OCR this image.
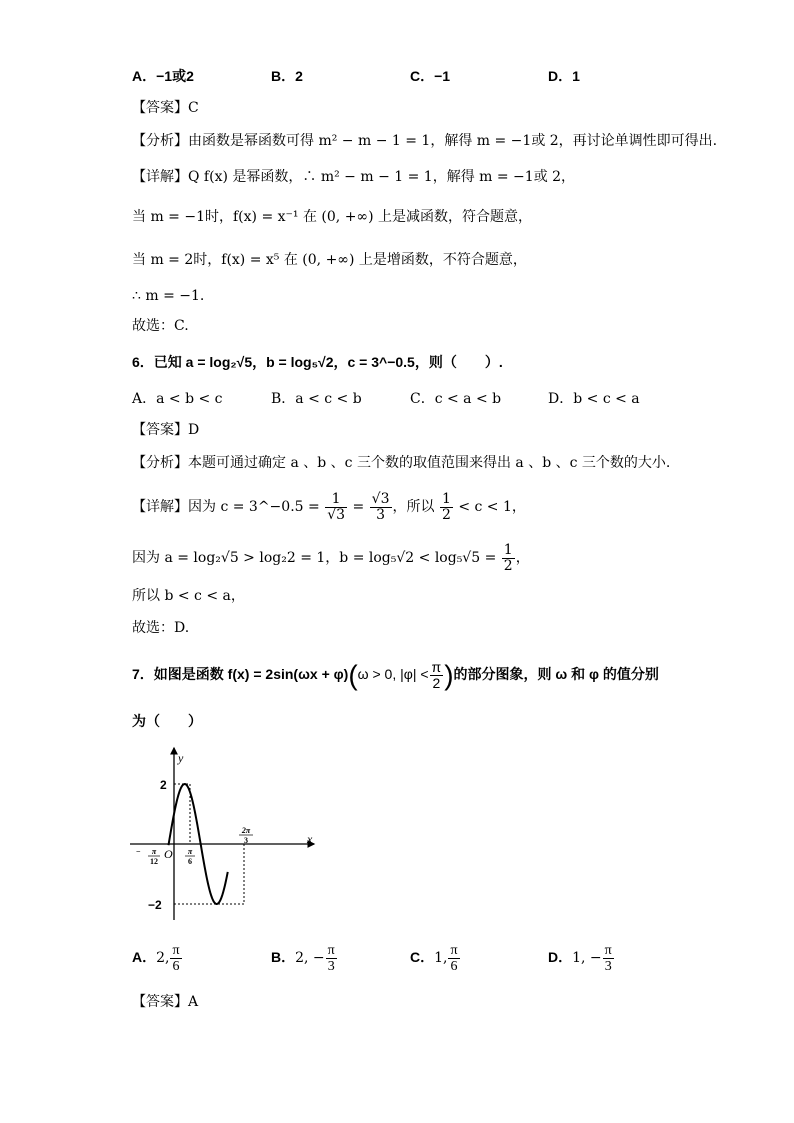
A．−1或2	B．2	C．−1	D．1
【答案】C
【分析】由函数是幂函数可得 m² − m − 1 = 1，解得 m = −1或 2，再讨论单调性即可得出.
【详解】Q f(x) 是幂函数，∴ m² − m − 1 = 1，解得 m = −1或 2，
当 m = −1时，f(x) = x⁻¹ 在 (0, +∞) 上是减函数，符合题意，
当 m = 2时，f(x) = x⁵ 在 (0, +∞) 上是增函数，不符合题意，
∴ m = −1.
故选：C.
6．已知 a = log₂√5，b = log₅√2，c = 3^−0.5，则（　　）.
A．a < b < c	B．a < c < b	C．c < a < b	D．b < c < a
【答案】D
【分析】本题可通过确定 a 、b 、c 三个数的取值范围来得出 a 、b 、c 三个数的大小.
【详解】因为 c = 3^−0.5 = $\frac{1}{√3} = \frac{√3}{3}$ ，所以 $\frac{1}{2} < c < 1$，
因为 a = log₂√5 > log₂2 = 1，$b = \log_5√2 < \log_5√5 = \frac{1}{2}$ ，
所以 b < c < a，
故选：D.
7．如图是函数 f(x) = 2sin(ωx + φ)(ω > 0, $|\varphi| < \frac{\pi}{2}$ )的部分图象，则 ω 和 φ 的值分别
为（　　）
y
x
O
2
−2
− π
12
π
6
2π
3
A．2, $\frac{\pi}{6}$	B．2, − $\frac{\pi}{3}$	C．1, $\frac{\pi}{6}$	D．1, − $\frac{\pi}{3}$
【答案】A
